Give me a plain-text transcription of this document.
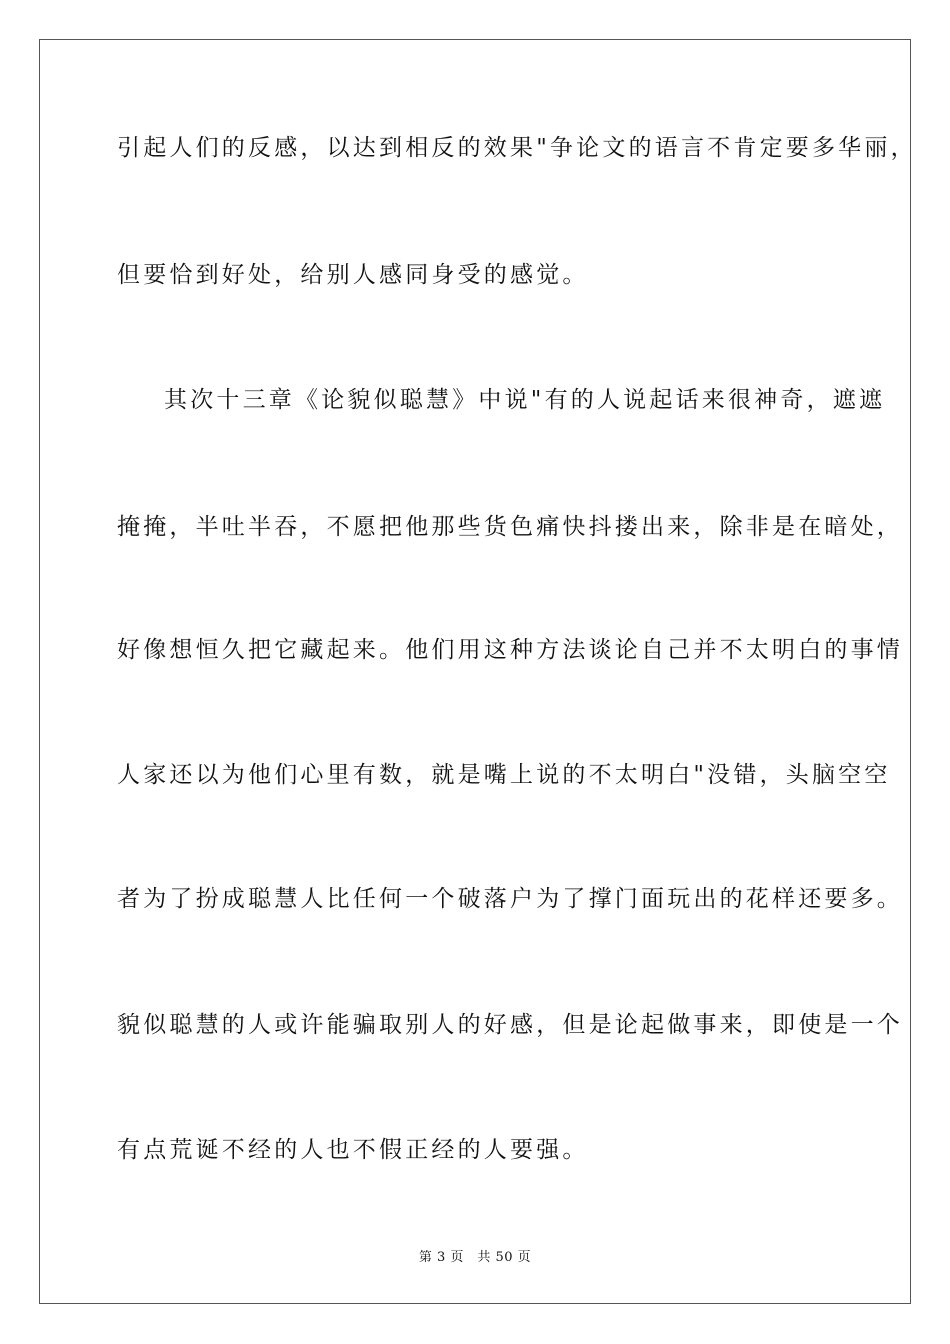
引起人们的反感，以达到相反的效果"争论文的语言不肯定要多华丽，
但要恰到好处，给别人感同身受的感觉。
其次十三章《论貌似聪慧》中说"有的人说起话来很神奇，遮遮
掩掩，半吐半吞，不愿把他那些货色痛快抖搂出来，除非是在暗处，
好像想恒久把它藏起来。他们用这种方法谈论自己并不太明白的事情
人家还以为他们心里有数，就是嘴上说的不太明白"没错，头脑空空
者为了扮成聪慧人比任何一个破落户为了撑门面玩出的花样还要多。
貌似聪慧的人或许能骗取别人的好感，但是论起做事来，即使是一个
有点荒诞不经的人也不假正经的人要强。
第 3 页　共 50 页
